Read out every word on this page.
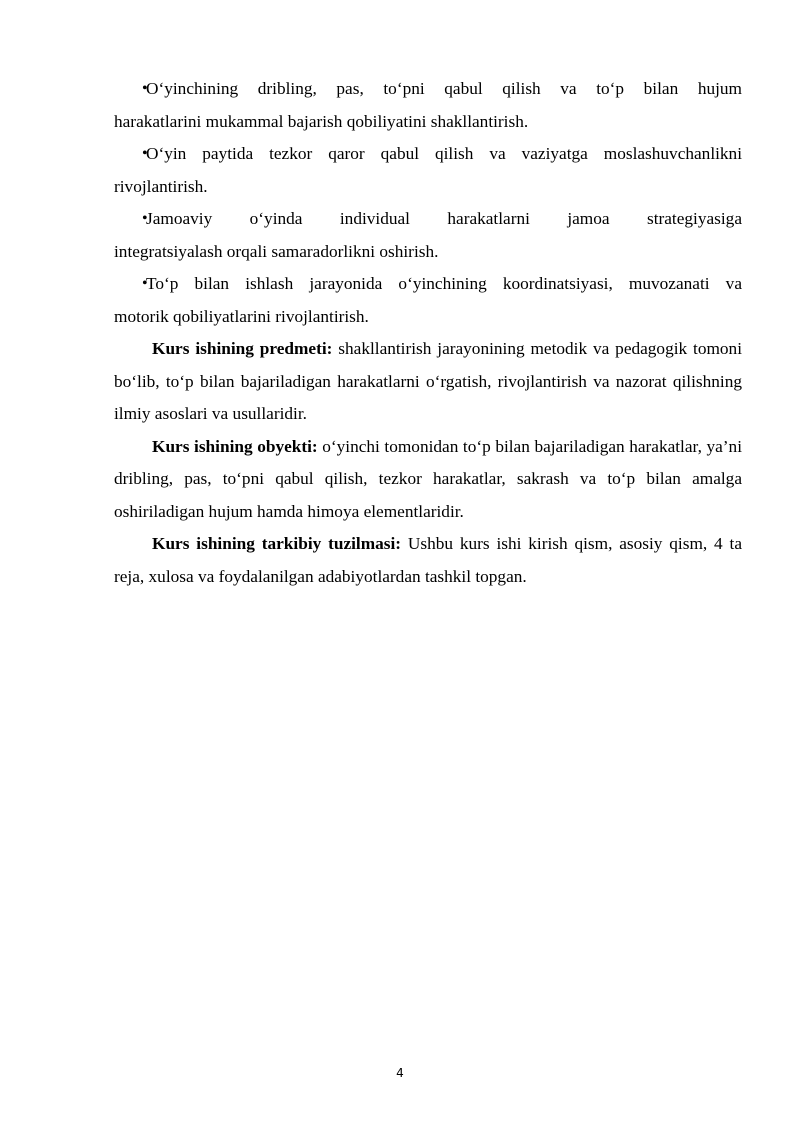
•
O‘yinchining dribling, pas, to‘pni qabul qilish va to‘p bilan hujum
harakatlarini mukammal bajarish qobiliyatini shakllantirish.
•
O‘yin paytida tezkor qaror qabul qilish va vaziyatga moslashuvchanlikni
rivojlantirish.
•
Jamoaviy o‘yinda individual harakatlarni jamoa strategiyasiga
integratsiyalash orqali samaradorlikni oshirish.
•
To‘p bilan ishlash jarayonida o‘yinchining koordinatsiyasi, muvozanati va
motorik qobiliyatlarini rivojlantirish.

Kurs ishining predmeti: shakllantirish jarayonining metodik va pedagogik tomoni bo‘lib, to‘p bilan bajariladigan harakatlarni o‘rgatish, rivojlantirish va nazorat qilishning ilmiy asoslari va usullaridir.

Kurs ishining obyekti: o‘yinchi tomonidan to‘p bilan bajariladigan harakatlar, ya’ni dribling, pas, to‘pni qabul qilish, tezkor harakatlar, sakrash va to‘p bilan amalga oshiriladigan hujum hamda himoya elementlaridir.

Kurs ishining tarkibiy tuzilmasi: Ushbu kurs ishi kirish qism, asosiy qism, 4 ta reja, xulosa va foydalanilgan adabiyotlardan tashkil topgan.

4
